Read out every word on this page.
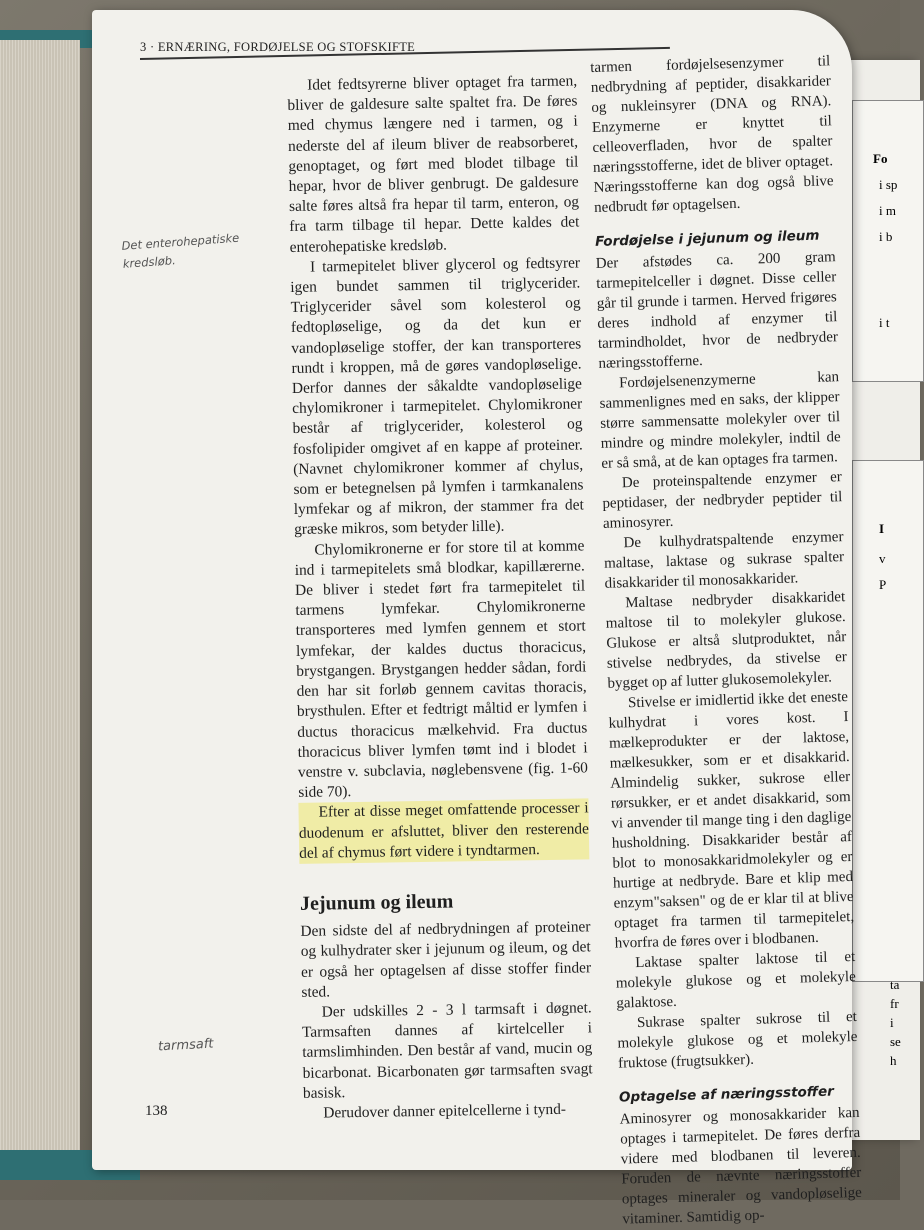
Fo
i sp
i m
i b
i t
I
v
P
ta
fr
i
se
h
3 · ERNÆRING, FORDØJELSE OG STOFSKIFTE

Idet fedtsyrerne bliver optaget fra tarmen, bliver de galdesure salte spaltet fra. De føres med chymus længere ned i tarmen, og i nederste del af ileum bliver de reabsorberet, genoptaget, og ført med blodet tilbage til hepar, hvor de bliver genbrugt. De galdesure salte føres altså fra hepar til tarm, enteron, og fra tarm tilbage til hepar. Dette kaldes det enterohepatiske kredsløb.

I tarmepitelet bliver glycerol og fedtsyrer igen bundet sammen til triglycerider. Triglycerider såvel som kolesterol og fedtopløselige, og da det kun er vandopløselige stoffer, der kan transporteres rundt i kroppen, må de gøres vandopløselige. Derfor dannes der såkaldte vandopløselige chylomikroner i tarmepitelet. Chylomikroner består af triglycerider, kolesterol og fosfolipider omgivet af en kappe af proteiner. (Navnet chylomikroner kommer af chylus, som er betegnelsen på lymfen i tarmkanalens lymfekar og af mikron, der stammer fra det græske mikros, som betyder lille).

Chylomikronerne er for store til at komme ind i tarmepitelets små blodkar, kapillærerne. De bliver i stedet ført fra tarmepitelet til tarmens lymfekar. Chylomikronerne transporteres med lymfen gennem et stort lymfekar, der kaldes ductus thoracicus, brystgangen. Brystgangen hedder sådan, fordi den har sit forløb gennem cavitas thoracis, brysthulen. Efter et fedtrigt måltid er lymfen i ductus thoracicus mælkehvid. Fra ductus thoracicus bliver lymfen tømt ind i blodet i venstre v. subclavia, nøglebensvene (fig. 1-60 side 70).

Efter at disse meget omfattende processer i duodenum er afsluttet, bliver den resterende del af chymus ført videre i tyndtarmen.

Jejunum og ileum

Den sidste del af nedbrydningen af proteiner og kulhydrater sker i jejunum og ileum, og det er også her optagelsen af disse stoffer finder sted.

Der udskilles 2 - 3 l tarmsaft i døgnet. Tarmsaften dannes af kirtelceller i tarmslimhinden. Den består af vand, mucin og bicarbonat. Bicarbonaten gør tarmsaften svagt basisk.

Derudover danner epitelcellerne i tynd-

tarmen fordøjelsesenzymer til nedbrydning af peptider, disakkarider og nukleinsyrer (DNA og RNA). Enzymerne er knyttet til celleoverfladen, hvor de spalter næringsstofferne, idet de bliver optaget. Næringsstofferne kan dog også blive nedbrudt før optagelsen.

Fordøjelse i jejunum og ileum

Der afstødes ca. 200 gram tarmepitelceller i døgnet. Disse celler går til grunde i tarmen. Herved frigøres deres indhold af enzymer til tarmindholdet, hvor de nedbryder næringsstofferne.

Fordøjelsenenzymerne kan sammenlignes med en saks, der klipper større sammensatte molekyler over til mindre og mindre molekyler, indtil de er så små, at de kan optages fra tarmen.

De proteinspaltende enzymer er peptidaser, der nedbryder peptider til aminosyrer.

De kulhydratspaltende enzymer maltase, laktase og sukrase spalter disakkarider til monosakkarider.

Maltase nedbryder disakkaridet maltose til to molekyler glukose. Glukose er altså slutproduktet, når stivelse nedbrydes, da stivelse er bygget op af lutter glukosemolekyler.

Stivelse er imidlertid ikke det eneste kulhydrat i vores kost. I mælkeprodukter er der laktose, mælkesukker, som er et disakkarid. Almindelig sukker, sukrose eller rørsukker, er et andet disakkarid, som vi anvender til mange ting i den daglige husholdning. Disakkarider består af blot to monosakkaridmolekyler og er hurtige at nedbryde. Bare et klip med enzym"saksen" og de er klar til at blive optaget fra tarmen til tarmepitelet, hvorfra de føres over i blodbanen.

Laktase spalter laktose til et molekyle glukose og et molekyle galaktose.

Sukrase spalter sukrose til et molekyle glukose og et molekyle fruktose (frugtsukker).

Optagelse af næringsstoffer

Aminosyrer og monosakkarider kan optages i tarmepitelet. De føres derfra videre med blodbanen til leveren. Foruden de nævnte næringsstoffer optages mineraler og vandopløselige vitaminer. Samtidig op-

Det enterohepatiske kredsløb.
tarmsaft
138
